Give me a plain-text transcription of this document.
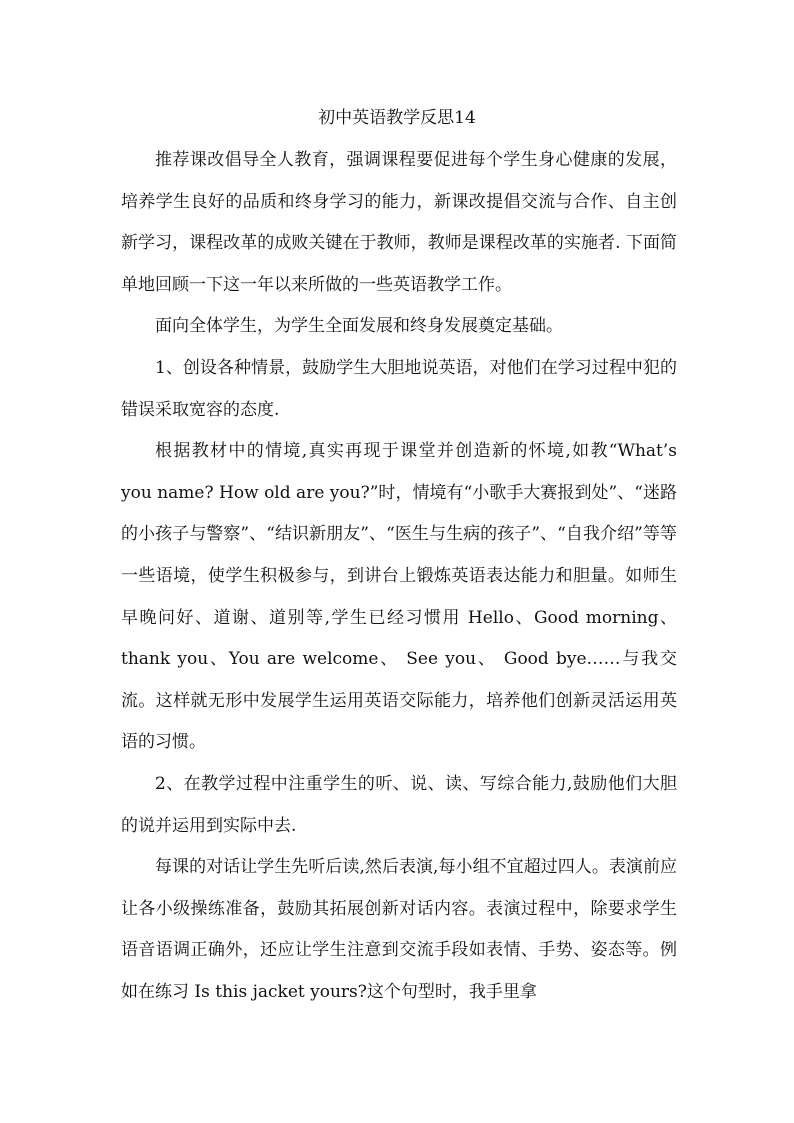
初中英语教学反思14

推荐课改倡导全人教育，强调课程要促进每个学生身心健康的发展，培养学生良好的品质和终身学习的能力，新课改提倡交流与合作、自主创新学习，课程改革的成败关键在于教师，教师是课程改革的实施者. 下面简单地回顾一下这一年以来所做的一些英语教学工作。

面向全体学生，为学生全面发展和终身发展奠定基础。

1、创设各种情景，鼓励学生大胆地说英语，对他们在学习过程中犯的错误采取宽容的态度.

根据教材中的情境,真实再现于课堂并创造新的怀境,如教“What’s you name? How old are you?”时，情境有“小歌手大赛报到处”、“迷路的小孩子与警察”、“结识新朋友”、“医生与生病的孩子”、“自我介绍”等等一些语境，使学生积极参与，到讲台上锻炼英语表达能力和胆量。如师生早晚问好、道谢、道别等,学生已经习惯用 Hello、Good morning、 thank you、You are welcome、 See you、 Good bye……与我交流。这样就无形中发展学生运用英语交际能力，培养他们创新灵活运用英语的习惯。

2、在教学过程中注重学生的听、说、读、写综合能力,鼓励他们大胆的说并运用到实际中去.

每课的对话让学生先听后读,然后表演,每小组不宜超过四人。表演前应让各小级操练准备，鼓励其拓展创新对话内容。表演过程中，除要求学生语音语调正确外，还应让学生注意到交流手段如表情、手势、姿态等。例如在练习 Is this jacket yours?这个句型时，我手里拿
